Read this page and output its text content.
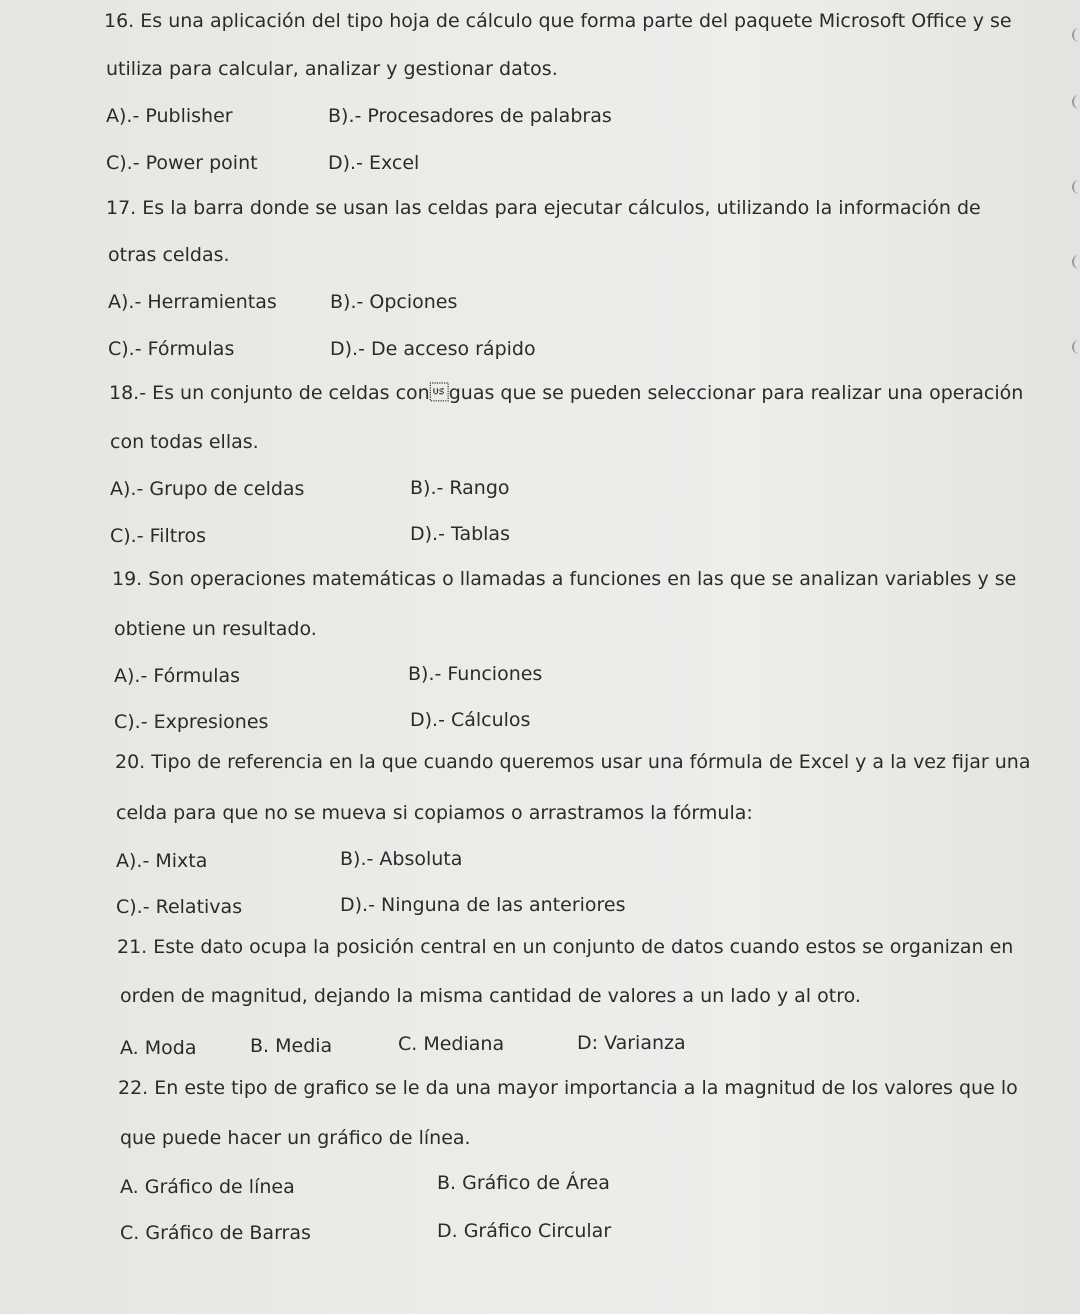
16. Es una aplicación del tipo hoja de cálculo que forma parte del paquete Microsoft Office y se
utiliza para calcular, analizar y gestionar datos.
A).- Publisher	B).- Procesadores de palabras
C).- Power point	D).- Excel
17. Es la barra donde se usan las celdas para ejecutar cálculos, utilizando la información de
otras celdas.
A).- Herramientas	B).- Opciones
C).- Fórmulas	D).- De acceso rápido
18.- Es un conjunto de celdas conguas que se pueden seleccionar para realizar una operación
con todas ellas.
A).- Grupo de celdas	B).- Rango
C).- Filtros	D).- Tablas
19. Son operaciones matemáticas o llamadas a funciones en las que se analizan variables y se
obtiene un resultado.
A).- Fórmulas	B).- Funciones
C).- Expresiones	D).- Cálculos
20. Tipo de referencia en la que cuando queremos usar una fórmula de Excel y a la vez fijar una
celda para que no se mueva si copiamos o arrastramos la fórmula:
A).- Mixta	B).- Absoluta
C).- Relativas	D).- Ninguna de las anteriores
21. Este dato ocupa la posición central en un conjunto de datos cuando estos se organizan en
orden de magnitud, dejando la misma cantidad de valores a un lado y al otro.
A. Moda	B. Media	C. Mediana	D: Varianza
22. En este tipo de grafico se le da una mayor importancia a la magnitud de los valores que lo
que puede hacer un gráfico de línea.
A. Gráfico de línea	B. Gráfico de Área
C. Gráfico de Barras	D. Gráfico Circular
